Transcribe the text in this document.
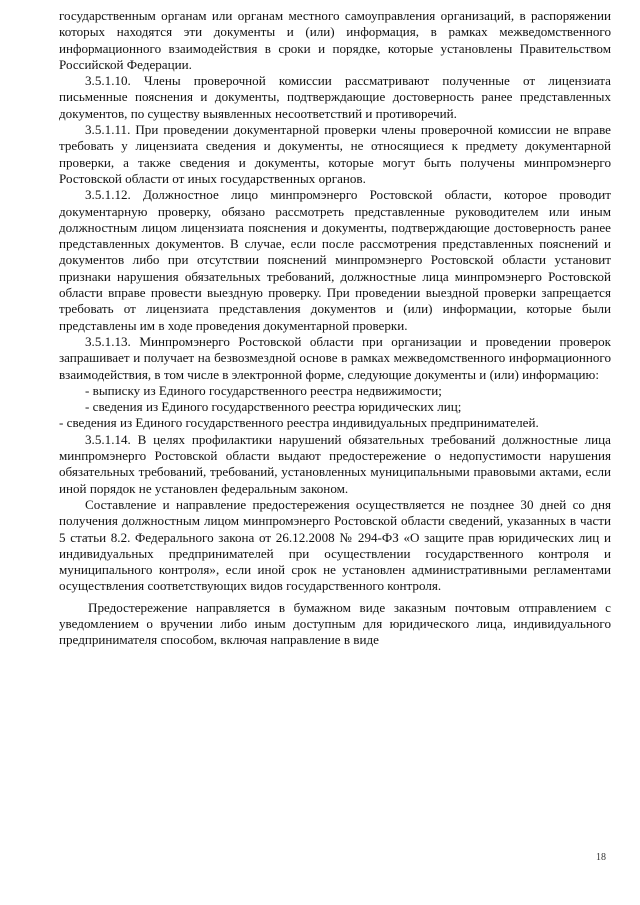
государственным органам или органам местного самоуправления организаций, в распоряжении которых находятся эти документы и (или) информация, в рамках межведомственного информационного взаимодействия в сроки и порядке, которые установлены Правительством Российской Федерации.

3.5.1.10. Члены проверочной комиссии рассматривают полученные от лицензиата письменные пояснения и документы, подтверждающие достоверность ранее представленных документов, по существу выявленных несоответствий и противоречий.

3.5.1.11. При проведении документарной проверки члены проверочной комиссии не вправе требовать у лицензиата сведения и документы, не относящиеся к предмету документарной проверки, а также сведения и документы, которые могут быть получены минпромэнерго Ростовской области от иных государственных органов.

3.5.1.12. Должностное лицо минпромэнерго Ростовской области, которое проводит документарную проверку, обязано рассмотреть представленные руководителем или иным должностным лицом лицензиата пояснения и документы, подтверждающие достоверность ранее представленных документов. В случае, если после рассмотрения представленных пояснений и документов либо при отсутствии пояснений минпромэнерго Ростовской области установит признаки нарушения обязательных требований, должностные лица минпромэнерго Ростовской области вправе провести выездную проверку. При проведении выездной проверки запрещается требовать от лицензиата представления документов и (или) информации, которые были представлены им в ходе проведения документарной проверки.

3.5.1.13. Минпромэнерго Ростовской области при организации и проведении проверок запрашивает и получает на безвозмездной основе в рамках межведомственного информационного взаимодействия, в том числе в электронной форме, следующие документы и (или) информацию:

- выписку из Единого государственного реестра недвижимости;

- сведения из Единого государственного реестра юридических лиц;

- сведения из Единого государственного реестра индивидуальных предпринимателей.

3.5.1.14. В целях профилактики нарушений обязательных требований должностные лица минпромэнерго Ростовской области выдают предостережение о недопустимости нарушения обязательных требований, требований, установленных муниципальными правовыми актами, если иной порядок не установлен федеральным законом.

Составление и направление предостережения осуществляется не позднее 30 дней со дня получения должностным лицом минпромэнерго Ростовской области сведений, указанных в части 5 статьи 8.2. Федерального закона от 26.12.2008 № 294-ФЗ «О защите прав юридических лиц и индивидуальных предпринимателей при осуществлении государственного контроля и муниципального контроля», если иной срок не установлен административными регламентами осуществления соответствующих видов государственного контроля.

Предостережение направляется в бумажном виде заказным почтовым отправлением с уведомлением о вручении либо иным доступным для юридического лица, индивидуального предпринимателя способом, включая направление в виде

18
